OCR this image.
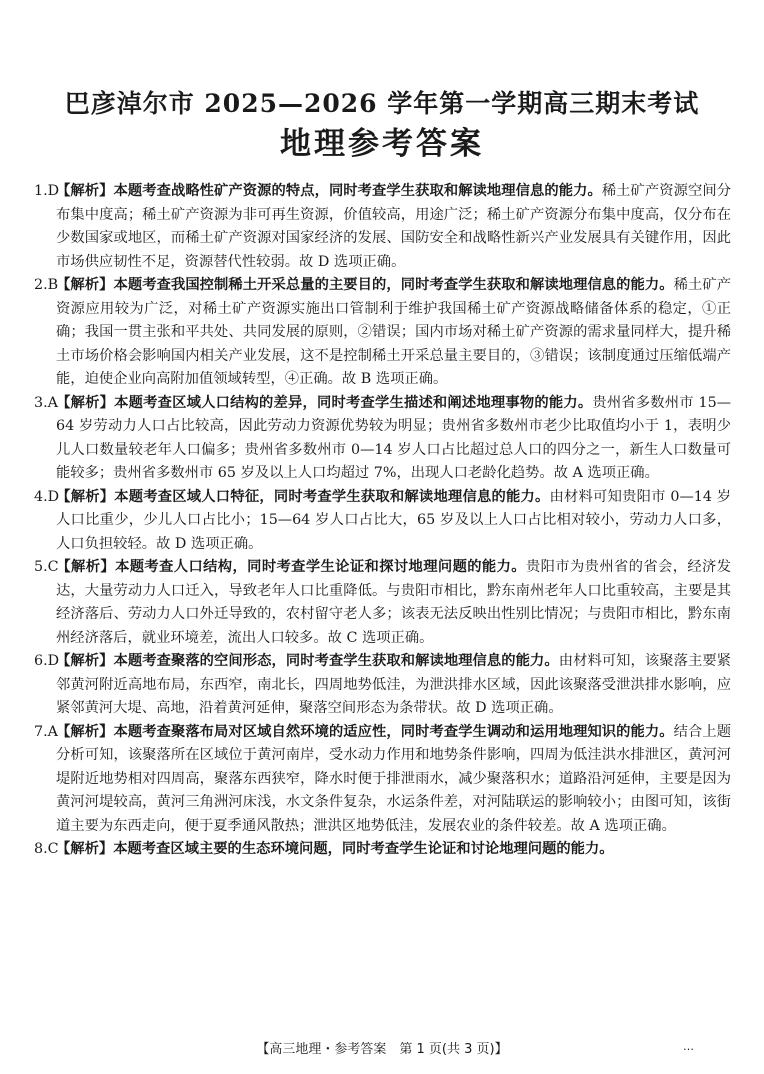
巴彦淖尔市 2025—2026 学年第一学期高三期末考试
地理参考答案

1.D【解析】本题考查战略性矿产资源的特点，同时考查学生获取和解读地理信息的能力。稀土矿产资源空间分布集中度高；稀土矿产资源为非可再生资源，价值较高，用途广泛；稀土矿产资源分布集中度高，仅分布在少数国家或地区，而稀土矿产资源对国家经济的发展、国防安全和战略性新兴产业发展具有关键作用，因此市场供应韧性不足，资源替代性较弱。故 D 选项正确。

2.B【解析】本题考查我国控制稀土开采总量的主要目的，同时考查学生获取和解读地理信息的能力。稀土矿产资源应用较为广泛，对稀土矿产资源实施出口管制利于维护我国稀土矿产资源战略储备体系的稳定，①正确；我国一贯主张和平共处、共同发展的原则，②错误；国内市场对稀土矿产资源的需求量同样大，提升稀土市场价格会影响国内相关产业发展，这不是控制稀土开采总量主要目的，③错误；该制度通过压缩低端产能，迫使企业向高附加值领域转型，④正确。故 B 选项正确。

3.A【解析】本题考查区域人口结构的差异，同时考查学生描述和阐述地理事物的能力。贵州省多数州市 15—64 岁劳动力人口占比较高，因此劳动力资源优势较为明显；贵州省多数州市老少比取值均小于 1，表明少儿人口数量较老年人口偏多；贵州省多数州市 0—14 岁人口占比超过总人口的四分之一，新生人口数量可能较多；贵州省多数州市 65 岁及以上人口均超过 7%，出现人口老龄化趋势。故 A 选项正确。

4.D【解析】本题考查区域人口特征，同时考查学生获取和解读地理信息的能力。由材料可知贵阳市 0—14 岁人口比重少，少儿人口占比小；15—64 岁人口占比大，65 岁及以上人口占比相对较小，劳动力人口多，人口负担较轻。故 D 选项正确。

5.C【解析】本题考查人口结构，同时考查学生论证和探讨地理问题的能力。贵阳市为贵州省的省会，经济发达，大量劳动力人口迁入，导致老年人口比重降低。与贵阳市相比，黔东南州老年人口比重较高，主要是其经济落后、劳动力人口外迁导致的，农村留守老人多；该表无法反映出性别比情况；与贵阳市相比，黔东南州经济落后，就业环境差，流出人口较多。故 C 选项正确。

6.D【解析】本题考查聚落的空间形态，同时考查学生获取和解读地理信息的能力。由材料可知，该聚落主要紧邻黄河附近高地布局，东西窄，南北长，四周地势低洼，为泄洪排水区域，因此该聚落受泄洪排水影响，应紧邻黄河大堤、高地，沿着黄河延伸，聚落空间形态为条带状。故 D 选项正确。

7.A【解析】本题考查聚落布局对区域自然环境的适应性，同时考查学生调动和运用地理知识的能力。结合上题分析可知，该聚落所在区域位于黄河南岸，受水动力作用和地势条件影响，四周为低洼洪水排泄区，黄河河堤附近地势相对四周高，聚落东西狭窄，降水时便于排泄雨水，减少聚落积水；道路沿河延伸，主要是因为黄河河堤较高，黄河三角洲河床浅，水文条件复杂，水运条件差，对河陆联运的影响较小；由图可知，该街道主要为东西走向，便于夏季通风散热；泄洪区地势低洼，发展农业的条件较差。故 A 选项正确。

8.C【解析】本题考查区域主要的生态环境问题，同时考查学生论证和讨论地理问题的能力。

【高三地理・参考答案　第 1 页(共 3 页)】	…
